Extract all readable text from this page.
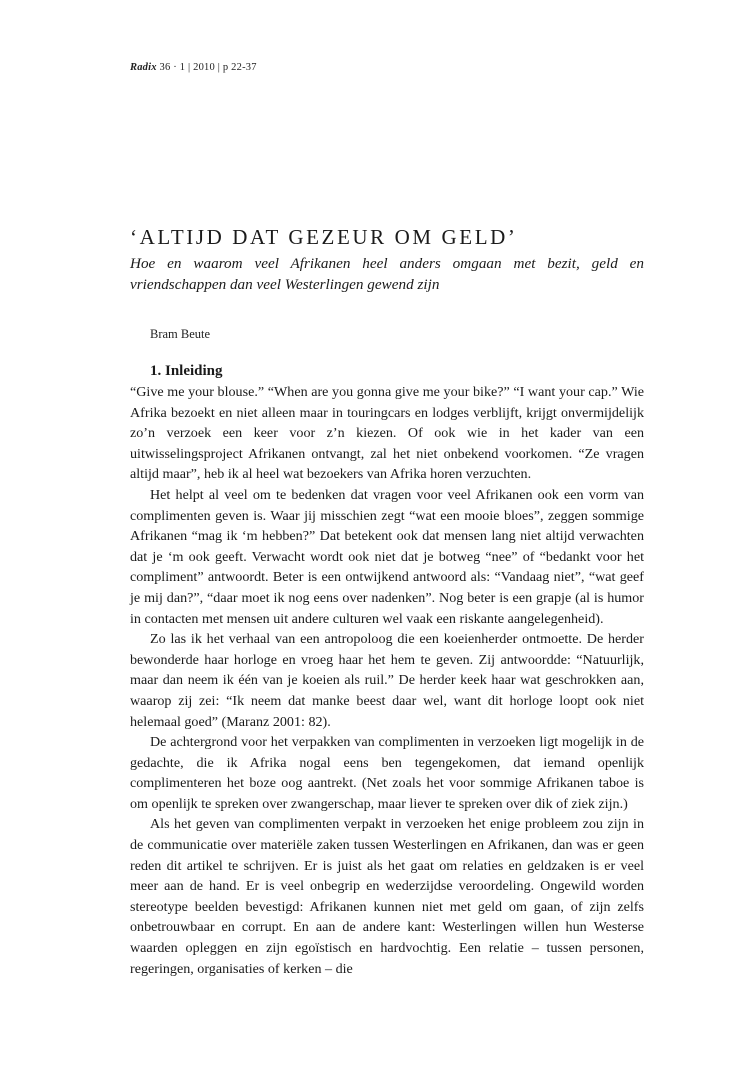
Radix 36 · 1 | 2010 | p 22-37
‘ALTIJD DAT GEZEUR OM GELD’

Hoe en waarom veel Afrikanen heel anders omgaan met bezit, geld en vriendschappen dan veel Westerlingen gewend zijn

Bram Beute
1. Inleiding

“Give me your blouse.” “When are you gonna give me your bike?” “I want your cap.” Wie Afrika bezoekt en niet alleen maar in touringcars en lodges verblijft, krijgt onvermijdelijk zo’n verzoek een keer voor z’n kiezen. Of ook wie in het kader van een uitwisselingsproject Afrikanen ontvangt, zal het niet onbekend voorkomen. “Ze vragen altijd maar”, heb ik al heel wat bezoekers van Afrika horen verzuchten.

Het helpt al veel om te bedenken dat vragen voor veel Afrikanen ook een vorm van complimenten geven is. Waar jij misschien zegt “wat een mooie bloes”, zeggen sommige Afrikanen “mag ik ‘m hebben?” Dat betekent ook dat mensen lang niet altijd verwachten dat je ‘m ook geeft. Verwacht wordt ook niet dat je botweg “nee” of “bedankt voor het compliment” antwoordt. Beter is een ontwijkend antwoord als: “Vandaag niet”, “wat geef je mij dan?”, “daar moet ik nog eens over nadenken”. Nog beter is een grapje (al is humor in contacten met mensen uit andere culturen wel vaak een riskante aangelegenheid).

Zo las ik het verhaal van een antropoloog die een koeienherder ontmoette. De herder bewonderde haar horloge en vroeg haar het hem te geven. Zij antwoordde: “Natuurlijk, maar dan neem ik één van je koeien als ruil.” De herder keek haar wat geschrokken aan, waarop zij zei: “Ik neem dat manke beest daar wel, want dit horloge loopt ook niet helemaal goed” (Maranz 2001: 82).

De achtergrond voor het verpakken van complimenten in verzoeken ligt mogelijk in de gedachte, die ik Afrika nogal eens ben tegengekomen, dat iemand openlijk complimenteren het boze oog aantrekt. (Net zoals het voor sommige Afrikanen taboe is om openlijk te spreken over zwangerschap, maar liever te spreken over dik of ziek zijn.)

Als het geven van complimenten verpakt in verzoeken het enige probleem zou zijn in de communicatie over materiële zaken tussen Westerlingen en Afrikanen, dan was er geen reden dit artikel te schrijven. Er is juist als het gaat om relaties en geldzaken is er veel meer aan de hand. Er is veel onbegrip en wederzijdse veroordeling. Ongewild worden stereotype beelden bevestigd: Afrikanen kunnen niet met geld om gaan, of zijn zelfs onbetrouwbaar en corrupt. En aan de andere kant: Westerlingen willen hun Westerse waarden opleggen en zijn egoïstisch en hardvochtig. Een relatie – tussen personen, regeringen, organisaties of kerken – die
